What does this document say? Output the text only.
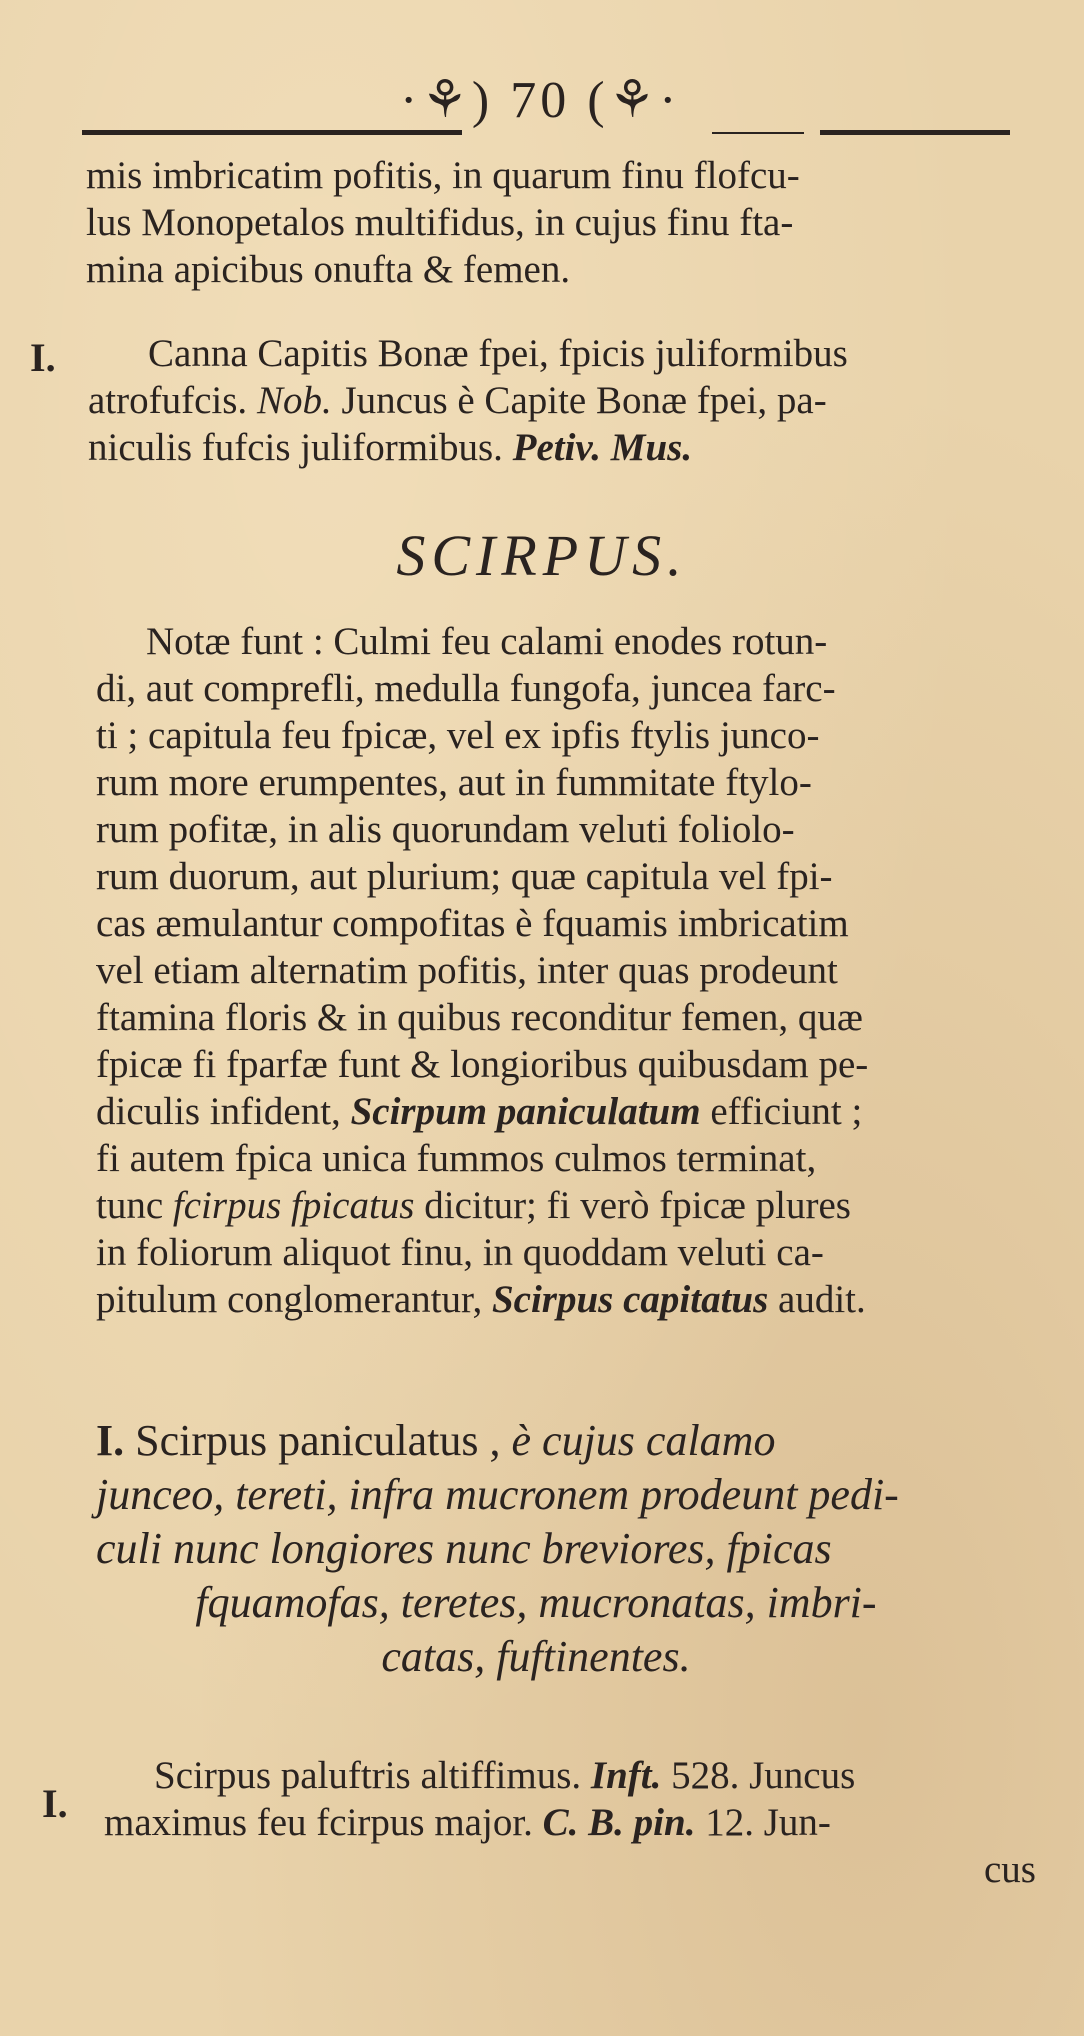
·⚘) 70 (⚘·
mis imbricatim pofitis, in quarum finu flofcu-
lus Monopetalos multifidus, in cujus finu fta-
mina apicibus onufta & femen.
I.	Canna Capitis Bonæ fpei, fpicis juliformibus
atrofufcis. Nob. Juncus è Capite Bonæ fpei, pa-
niculis fufcis juliformibus. Petiv. Mus.
SCIRPUS.
Notæ funt : Culmi feu calami enodes rotun-
di, aut comprefli, medulla fungofa, juncea farc-
ti ; capitula feu fpicæ, vel ex ipfis ftylis junco-
rum more erumpentes, aut in fummitate ftylo-
rum pofitæ, in alis quorundam veluti foliolo-
rum duorum, aut plurium; quæ capitula vel fpi-
cas æmulantur compofitas è fquamis imbricatim
vel etiam alternatim pofitis, inter quas prodeunt
ftamina floris & in quibus reconditur femen, quæ
fpicæ fi fparfæ funt & longioribus quibusdam pe-
diculis infident, Scirpum paniculatum efficiunt ;
fi autem fpica unica fummos culmos terminat,
tunc fcirpus fpicatus dicitur; fi verò fpicæ plures
in foliorum aliquot finu, in quoddam veluti ca-
pitulum conglomerantur, Scirpus capitatus audit.
I. Scirpus paniculatus , è cujus calamo
junceo, tereti, infra mucronem prodeunt pedi-
culi nunc longiores nunc breviores, fpicas
fquamofas, teretes, mucronatas, imbri-
catas, fuftinentes.
I.
Scirpus paluftris altiffimus. Inft. 528. Juncus
maximus feu fcirpus major. C. B. pin. 12. Jun-
cus
